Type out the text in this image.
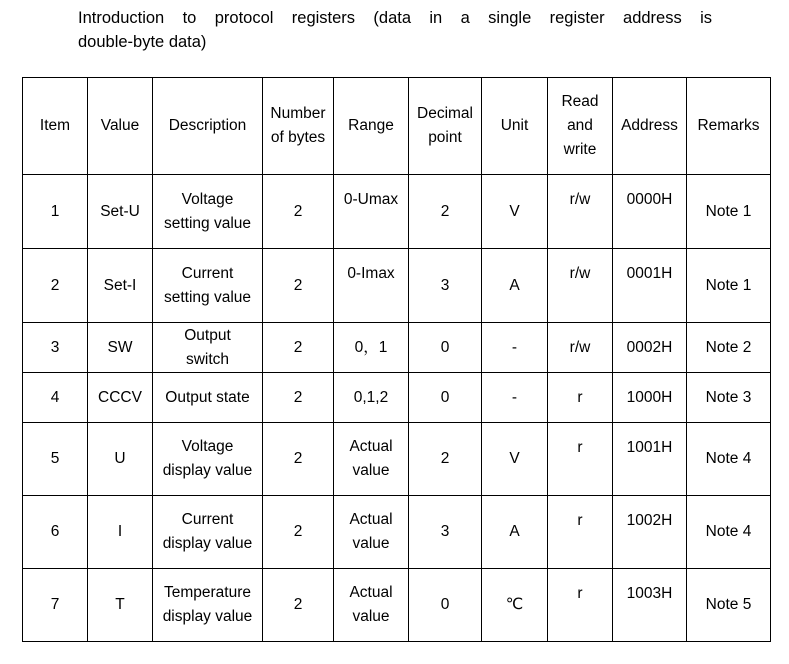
Introduction to protocol registers (data in a single register address is
double-byte data)
Item	Value	Description	Number
of bytes	Range	Decimal
point	Unit	Read
and
write	Address	Remarks
1	Set-U	Voltage
setting value	2	0-Umax	2	V	r/w	0000H	Note 1
2	Set-I	Current
setting value	2	0-Imax	3	A	r/w	0001H	Note 1
3	SW	Output
switch	2	0，1	0	-	r/w	0002H	Note 2
4	CCCV	Output state	2	0,1,2	0	-	r	1000H	Note 3
5	U	Voltage
display value	2	Actual
value	2	V	r	1001H	Note 4
6	I	Current
display value	2	Actual
value	3	A	r	1002H	Note 4
7	T	Temperature
display value	2	Actual
value	0	℃	r	1003H	Note 5
